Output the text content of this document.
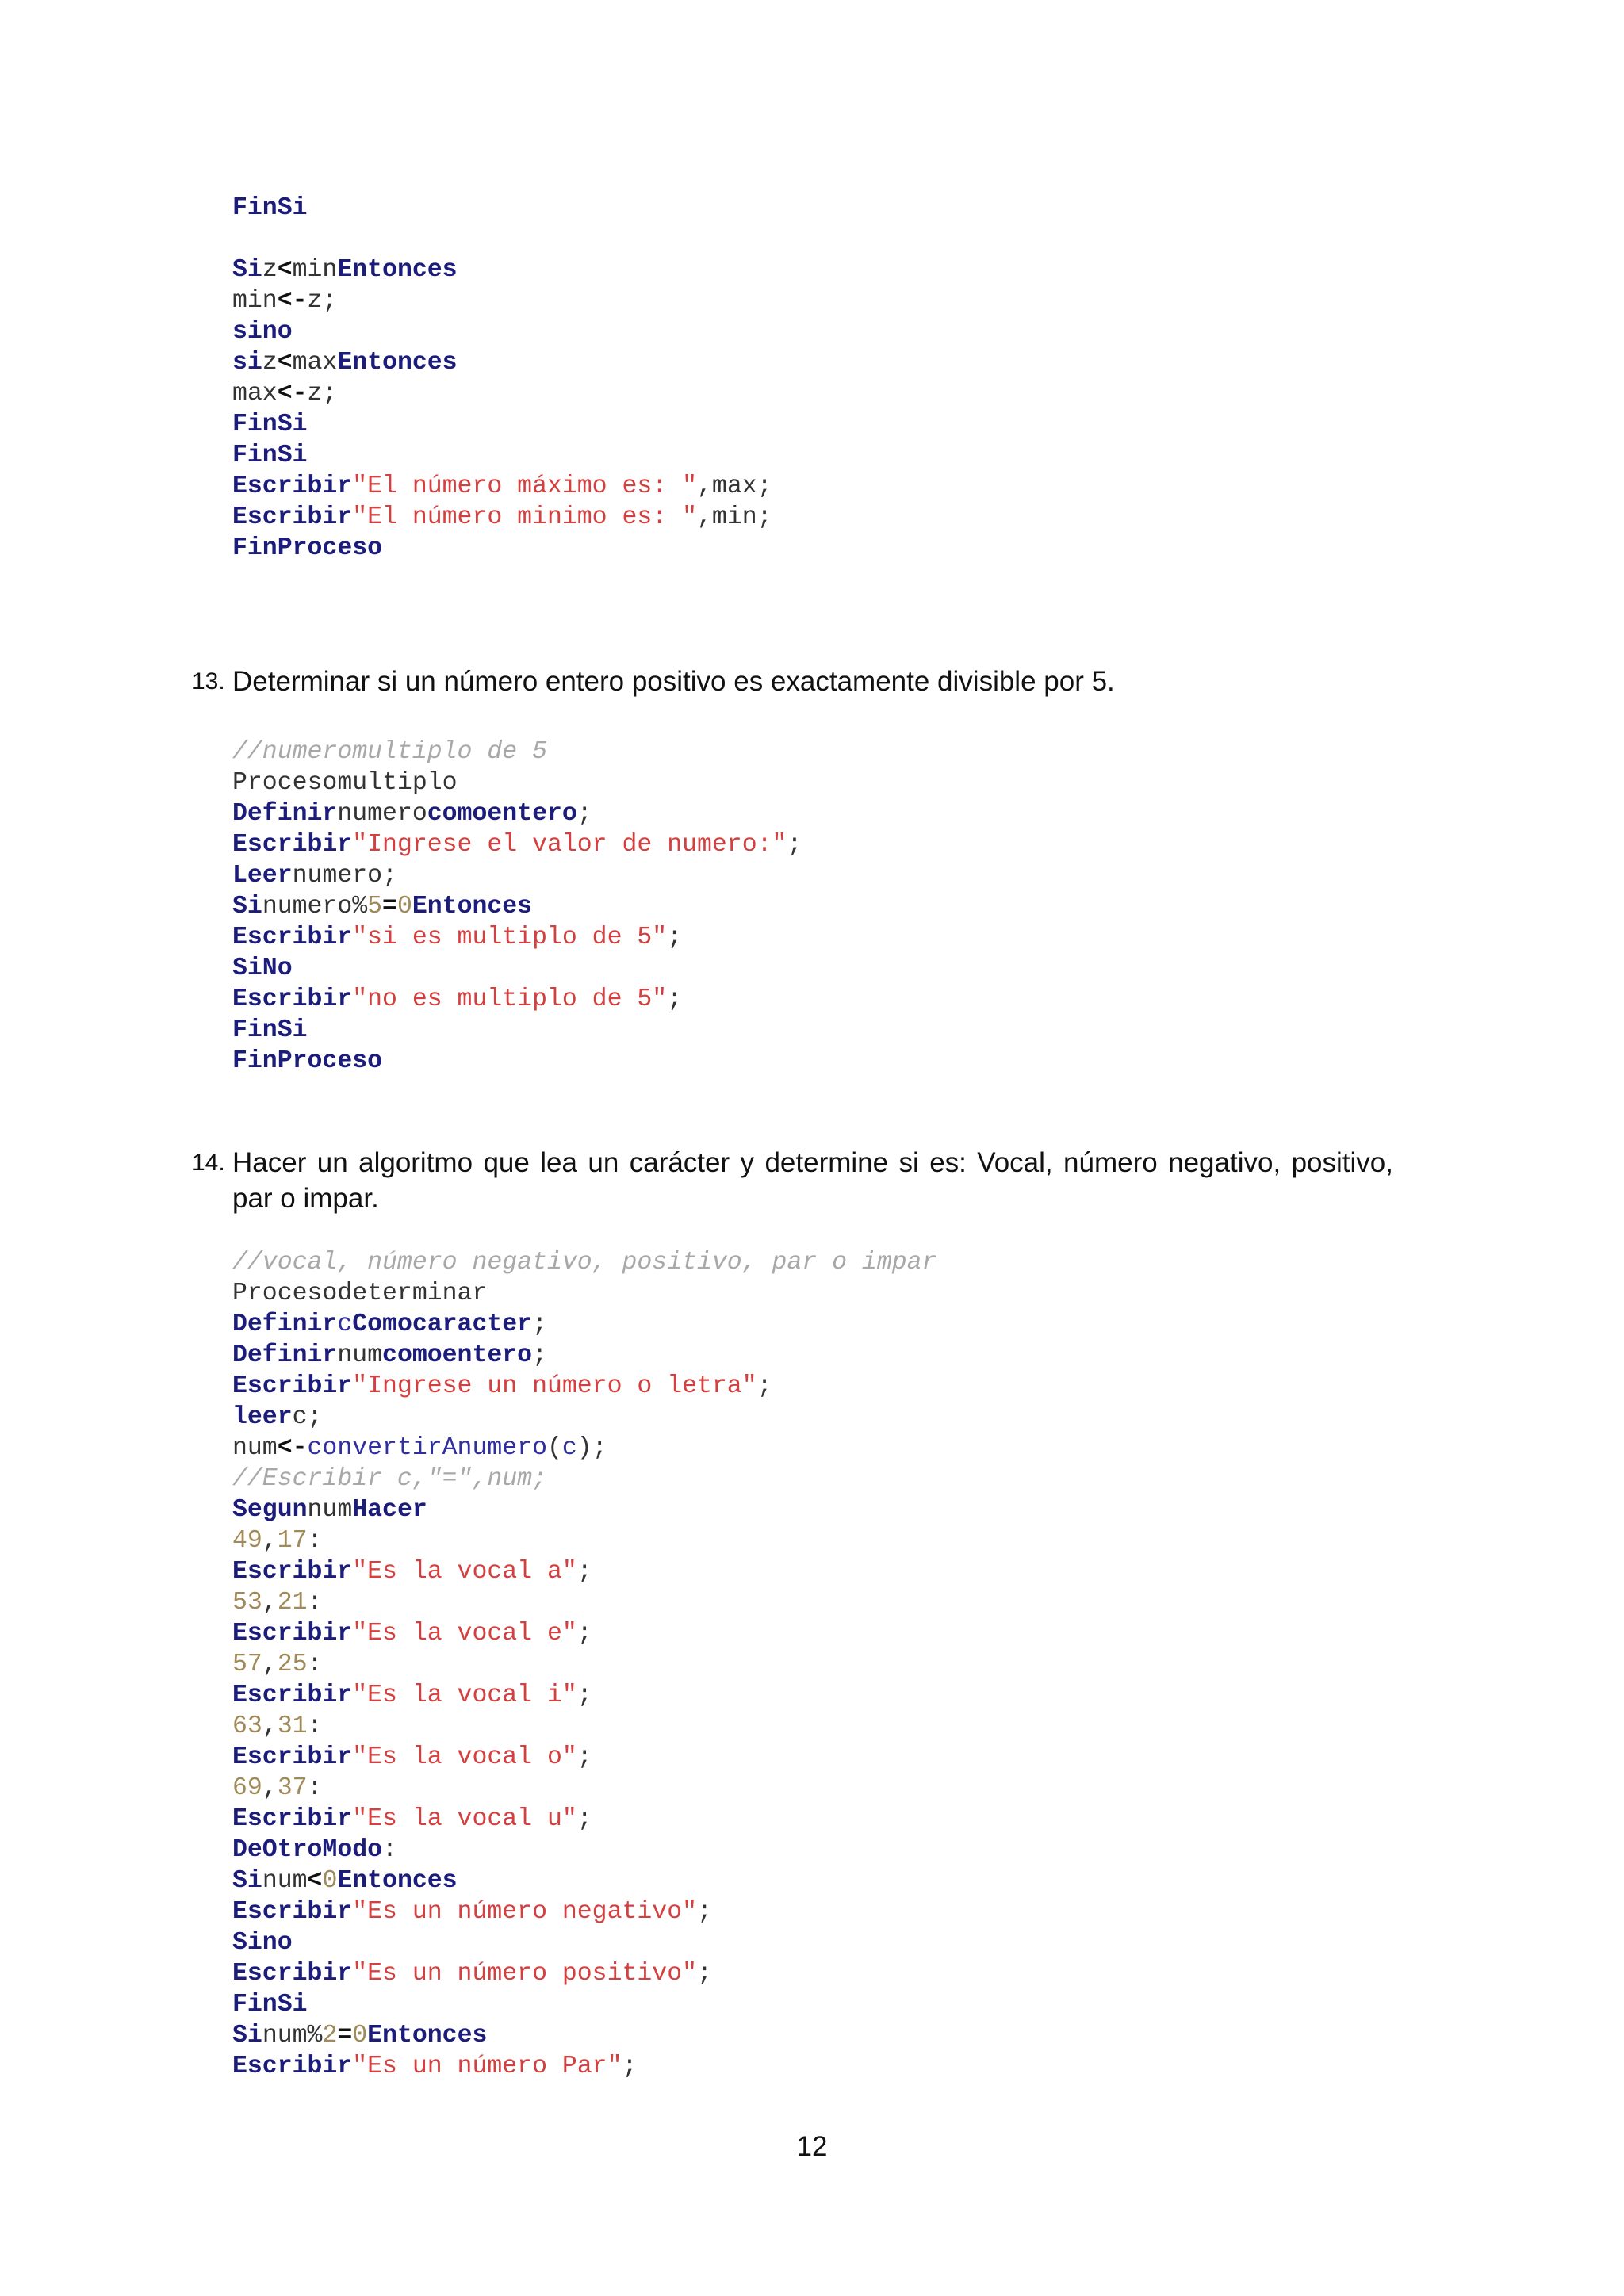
FinSi
Siz<minEntonces
min<-z;
sino
siz<maxEntonces
max<-z;
FinSi
FinSi
Escribir"El número máximo es: ",max;
Escribir"El número minimo es: ",min;
FinProceso
13. Determinar si un número entero positivo es exactamente divisible por 5.
//numeromultiplo de 5
Procesomultiplo
Definirnumerocomoentero;
Escribir"Ingrese el valor de numero:";
Leernumero;
Sinumero%5=0Entonces
Escribir"si es multiplo de 5";
SiNo
Escribir"no es multiplo de 5";
FinSi
FinProceso
14. Hacer un algoritmo que lea un carácter y determine si es: Vocal, número negativo, positivo, par o impar.
//vocal, número negativo, positivo, par o impar
Procesodeterminar
DefinircComocaracter;
Definirnumcomoentero;
Escribir"Ingrese un número o letra";
leerc;
num<-convertirAnumero(c);
//Escribir c,"=",num;
SegunnumHacer
49,17:
Escribir"Es la vocal a";
53,21:
Escribir"Es la vocal e";
57,25:
Escribir"Es la vocal i";
63,31:
Escribir"Es la vocal o";
69,37:
Escribir"Es la vocal u";
DeOtroModo:
Sinum<0Entonces
Escribir"Es un número negativo";
Sino
Escribir"Es un número positivo";
FinSi
Sinum%2=0Entonces
Escribir"Es un número Par";
12
